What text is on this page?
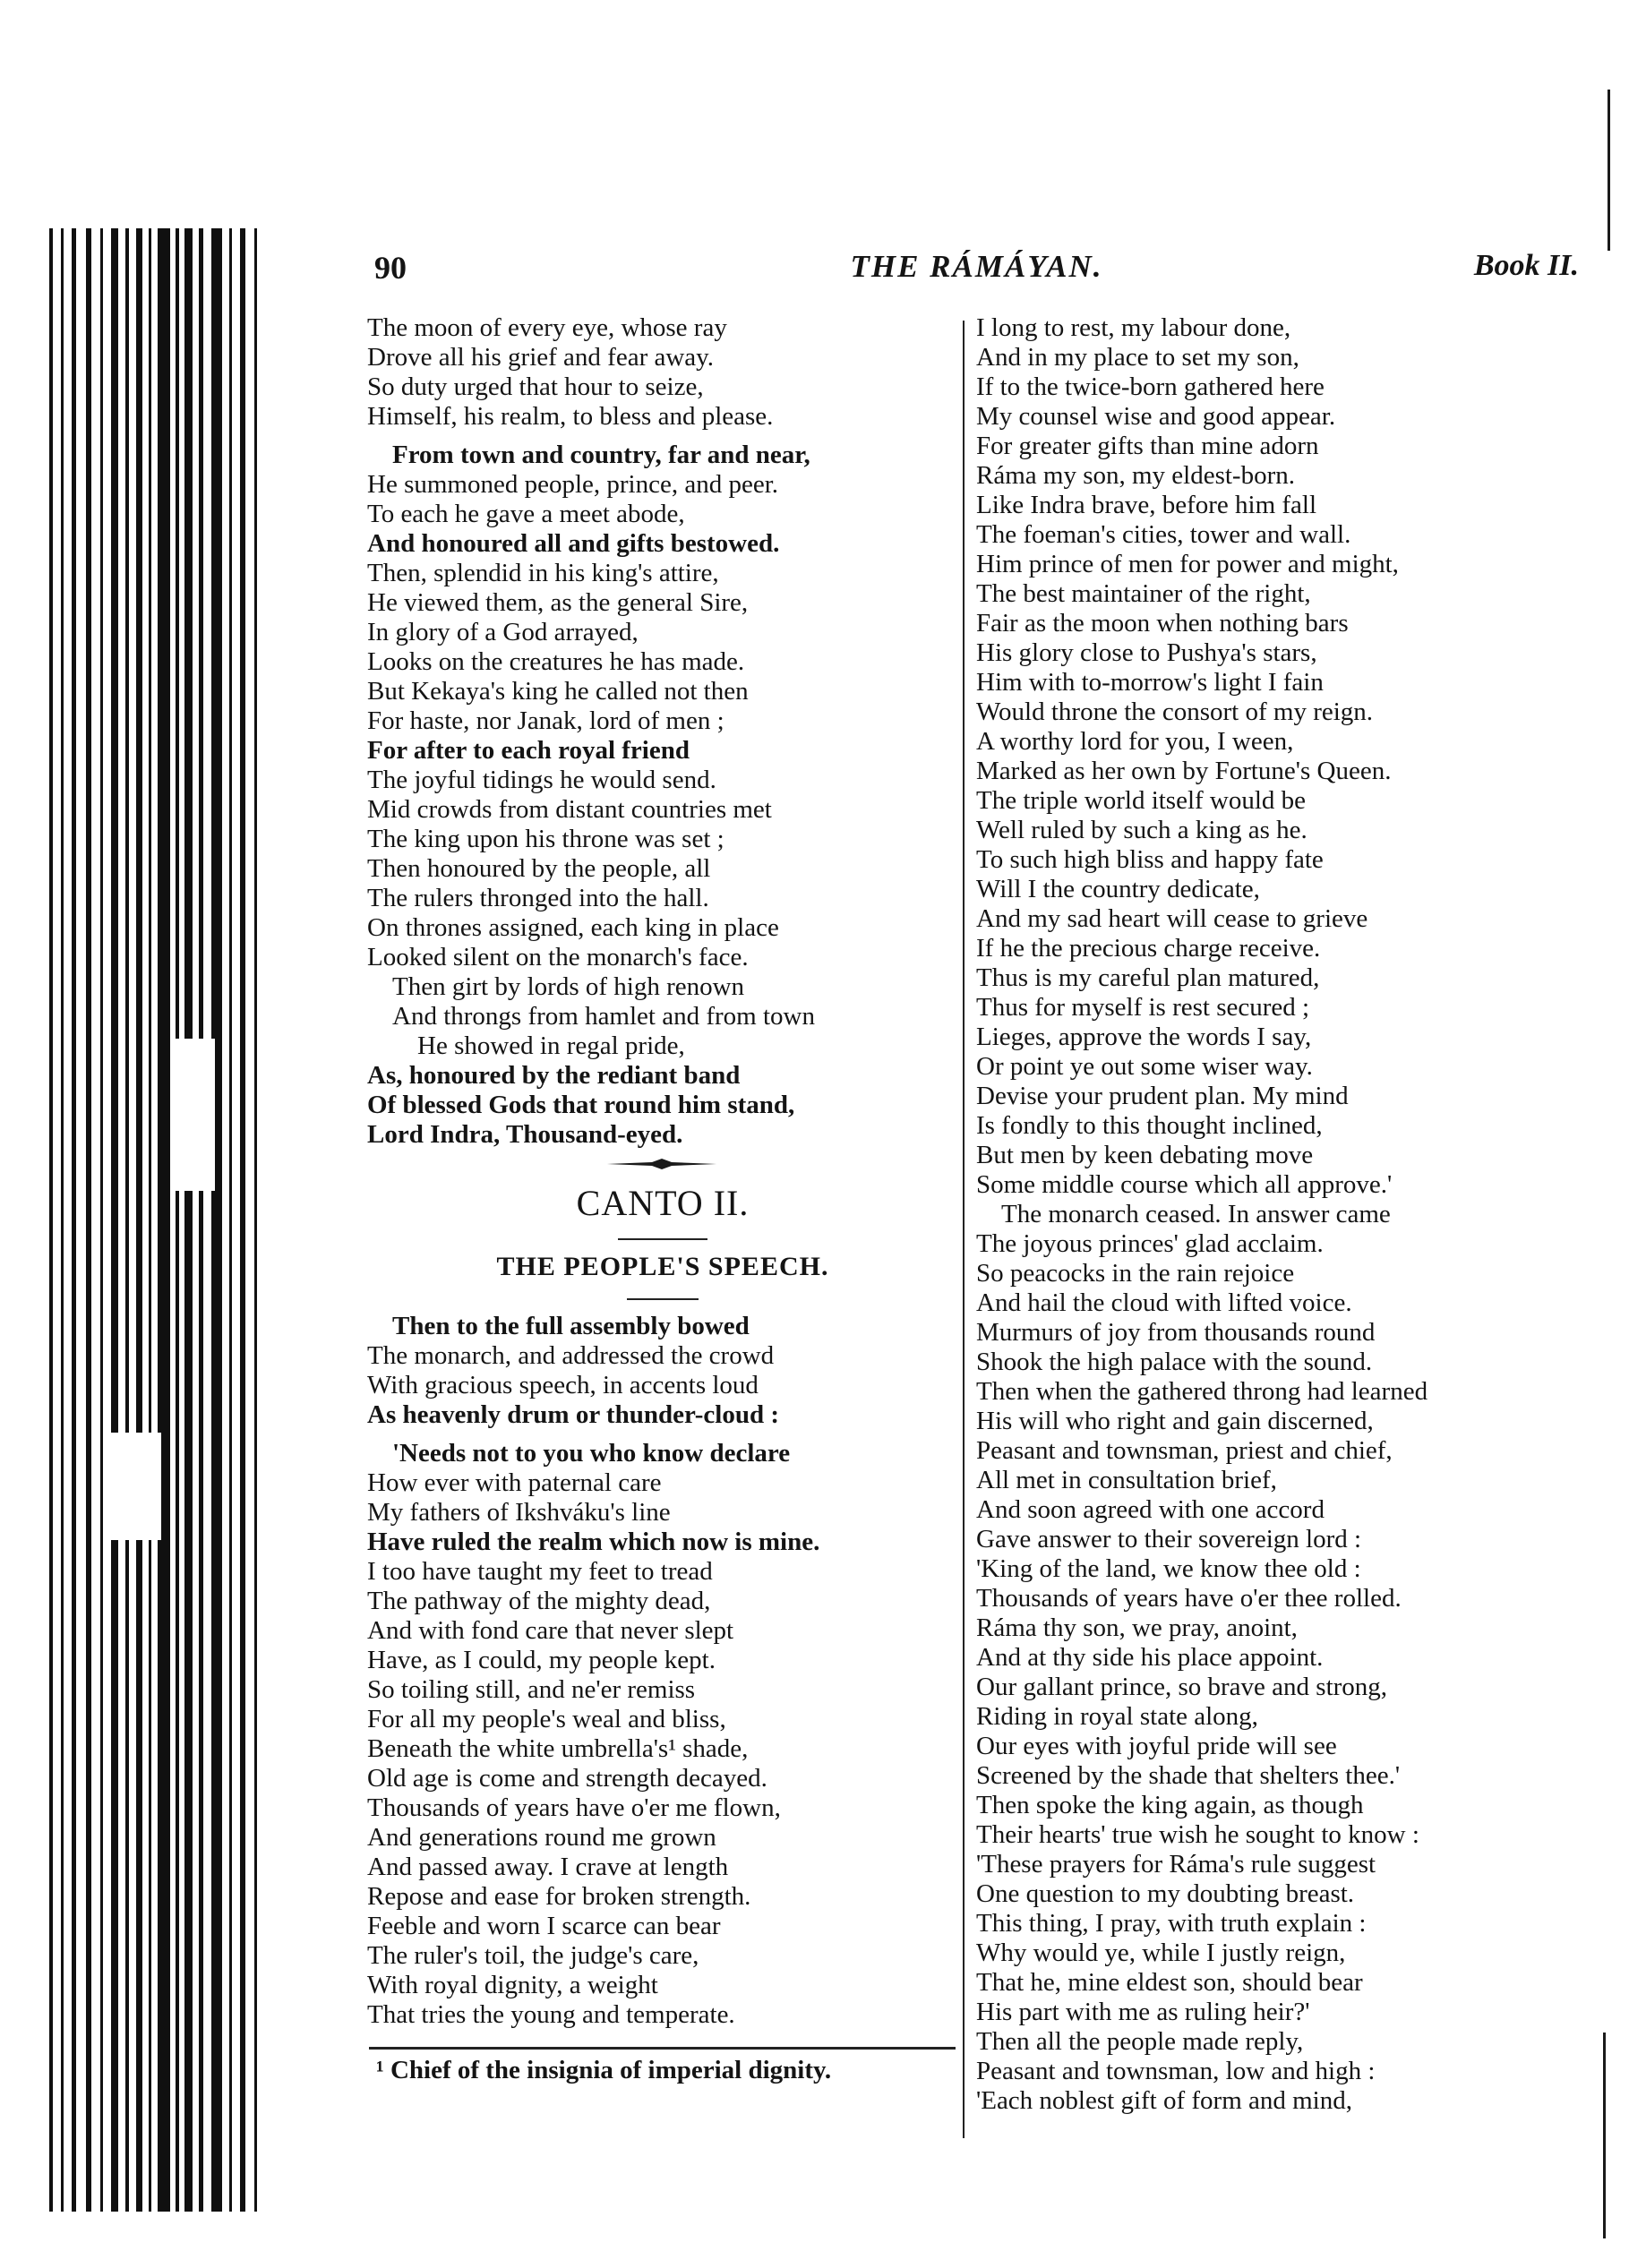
90	THE RÁMÁYAN.	Book II.
The moon of every eye, whose ray
Drove all his grief and fear away.
So duty urged that hour to seize,
Himself, his realm, to bless and please.
From town and country, far and near,
He summoned people, prince, and peer.
To each he gave a meet abode,
And honoured all and gifts bestowed.
Then, splendid in his king's attire,
He viewed them, as the general Sire,
In glory of a God arrayed,
Looks on the creatures he has made.
But Kekaya's king he called not then
For haste, nor Janak, lord of men ;
For after to each royal friend
The joyful tidings he would send.
Mid crowds from distant countries met
The king upon his throne was set ;
Then honoured by the people, all
The rulers thronged into the hall.
On thrones assigned, each king in place
Looked silent on the monarch's face.
Then girt by lords of high renown
And throngs from hamlet and from town
He showed in regal pride,
As, honoured by the rediant band
Of blessed Gods that round him stand,
Lord Indra, Thousand-eyed.
CANTO II.
THE PEOPLE'S SPEECH.
Then to the full assembly bowed
The monarch, and addressed the crowd
With gracious speech, in accents loud
As heavenly drum or thunder-cloud :
'Needs not to you who know declare
How ever with paternal care
My fathers of Ikshváku's line
Have ruled the realm which now is mine.
I too have taught my feet to tread
The pathway of the mighty dead,
And with fond care that never slept
Have, as I could, my people kept.
So toiling still, and ne'er remiss
For all my people's weal and bliss,
Beneath the white umbrella's¹ shade,
Old age is come and strength decayed.
Thousands of years have o'er me flown,
And generations round me grown
And passed away. I crave at length
Repose and ease for broken strength.
Feeble and worn I scarce can bear
The ruler's toil, the judge's care,
With royal dignity, a weight
That tries the young and temperate.
I long to rest, my labour done,
And in my place to set my son,
If to the twice-born gathered here
My counsel wise and good appear.
For greater gifts than mine adorn
Ráma my son, my eldest-born.
Like Indra brave, before him fall
The foeman's cities, tower and wall.
Him prince of men for power and might,
The best maintainer of the right,
Fair as the moon when nothing bars
His glory close to Pushya's stars,
Him with to-morrow's light I fain
Would throne the consort of my reign.
A worthy lord for you, I ween,
Marked as her own by Fortune's Queen.
The triple world itself would be
Well ruled by such a king as he.
To such high bliss and happy fate
Will I the country dedicate,
And my sad heart will cease to grieve
If he the precious charge receive.
Thus is my careful plan matured,
Thus for myself is rest secured ;
Lieges, approve the words I say,
Or point ye out some wiser way.
Devise your prudent plan. My mind
Is fondly to this thought inclined,
But men by keen debating move
Some middle course which all approve.'
The monarch ceased. In answer came
The joyous princes' glad acclaim.
So peacocks in the rain rejoice
And hail the cloud with lifted voice.
Murmurs of joy from thousands round
Shook the high palace with the sound.
Then when the gathered throng had learned
His will who right and gain discerned,
Peasant and townsman, priest and chief,
All met in consultation brief,
And soon agreed with one accord
Gave answer to their sovereign lord :
'King of the land, we know thee old :
Thousands of years have o'er thee rolled.
Ráma thy son, we pray, anoint,
And at thy side his place appoint.
Our gallant prince, so brave and strong,
Riding in royal state along,
Our eyes with joyful pride will see
Screened by the shade that shelters thee.'
Then spoke the king again, as though
Their hearts' true wish he sought to know :
'These prayers for Ráma's rule suggest
One question to my doubting breast.
This thing, I pray, with truth explain :
Why would ye, while I justly reign,
That he, mine eldest son, should bear
His part with me as ruling heir?'
Then all the people made reply,
Peasant and townsman, low and high :
'Each noblest gift of form and mind,
¹ Chief of the insignia of imperial dignity.
